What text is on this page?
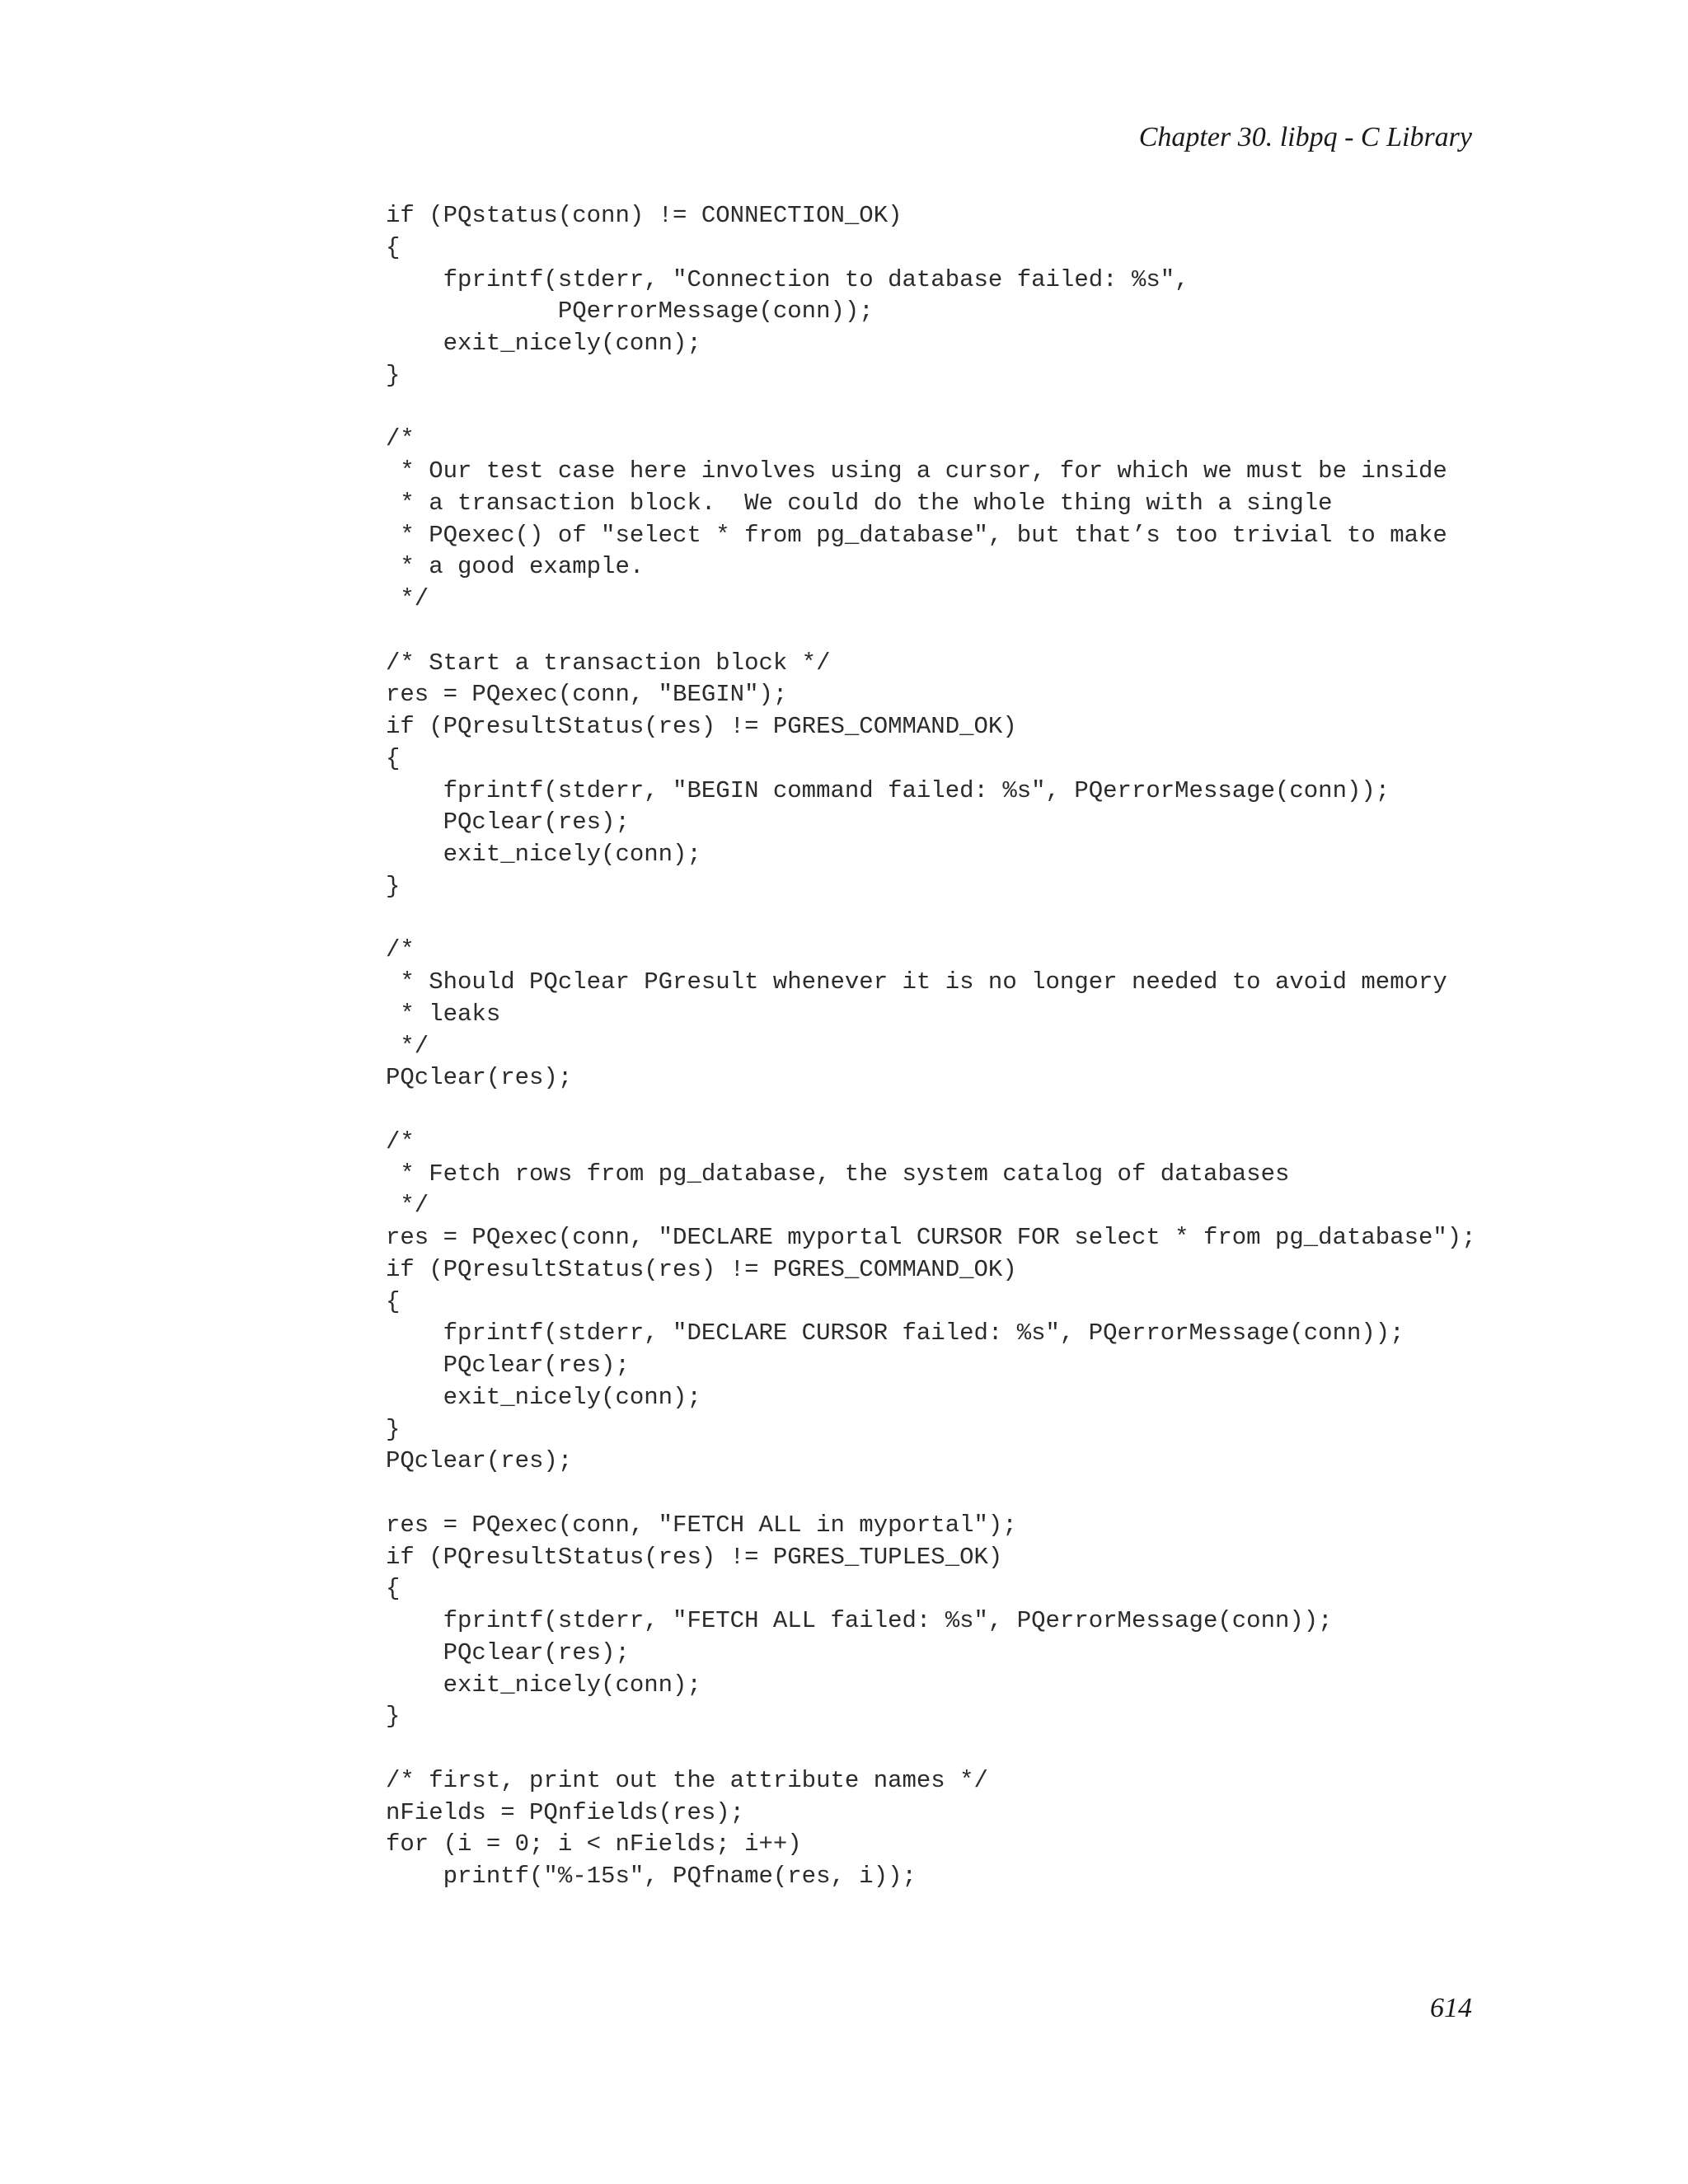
Chapter 30. libpq - C Library
if (PQstatus(conn) != CONNECTION_OK)
{
fprintf(stderr, "Connection to database failed: %s",
PQerrorMessage(conn));
exit_nicely(conn);
}
/*
* Our test case here involves using a cursor, for which we must be inside
* a transaction block.  We could do the whole thing with a single
* PQexec() of "select * from pg_database", but that’s too trivial to make
* a good example.
*/
/* Start a transaction block */
res = PQexec(conn, "BEGIN");
if (PQresultStatus(res) != PGRES_COMMAND_OK)
{
fprintf(stderr, "BEGIN command failed: %s", PQerrorMessage(conn));
PQclear(res);
exit_nicely(conn);
}
/*
* Should PQclear PGresult whenever it is no longer needed to avoid memory
* leaks
*/
PQclear(res);
/*
* Fetch rows from pg_database, the system catalog of databases
*/
res = PQexec(conn, "DECLARE myportal CURSOR FOR select * from pg_database");
if (PQresultStatus(res) != PGRES_COMMAND_OK)
{
fprintf(stderr, "DECLARE CURSOR failed: %s", PQerrorMessage(conn));
PQclear(res);
exit_nicely(conn);
}
PQclear(res);
res = PQexec(conn, "FETCH ALL in myportal");
if (PQresultStatus(res) != PGRES_TUPLES_OK)
{
fprintf(stderr, "FETCH ALL failed: %s", PQerrorMessage(conn));
PQclear(res);
exit_nicely(conn);
}
/* first, print out the attribute names */
nFields = PQnfields(res);
for (i = 0; i < nFields; i++)
printf("%-15s", PQfname(res, i));
614
